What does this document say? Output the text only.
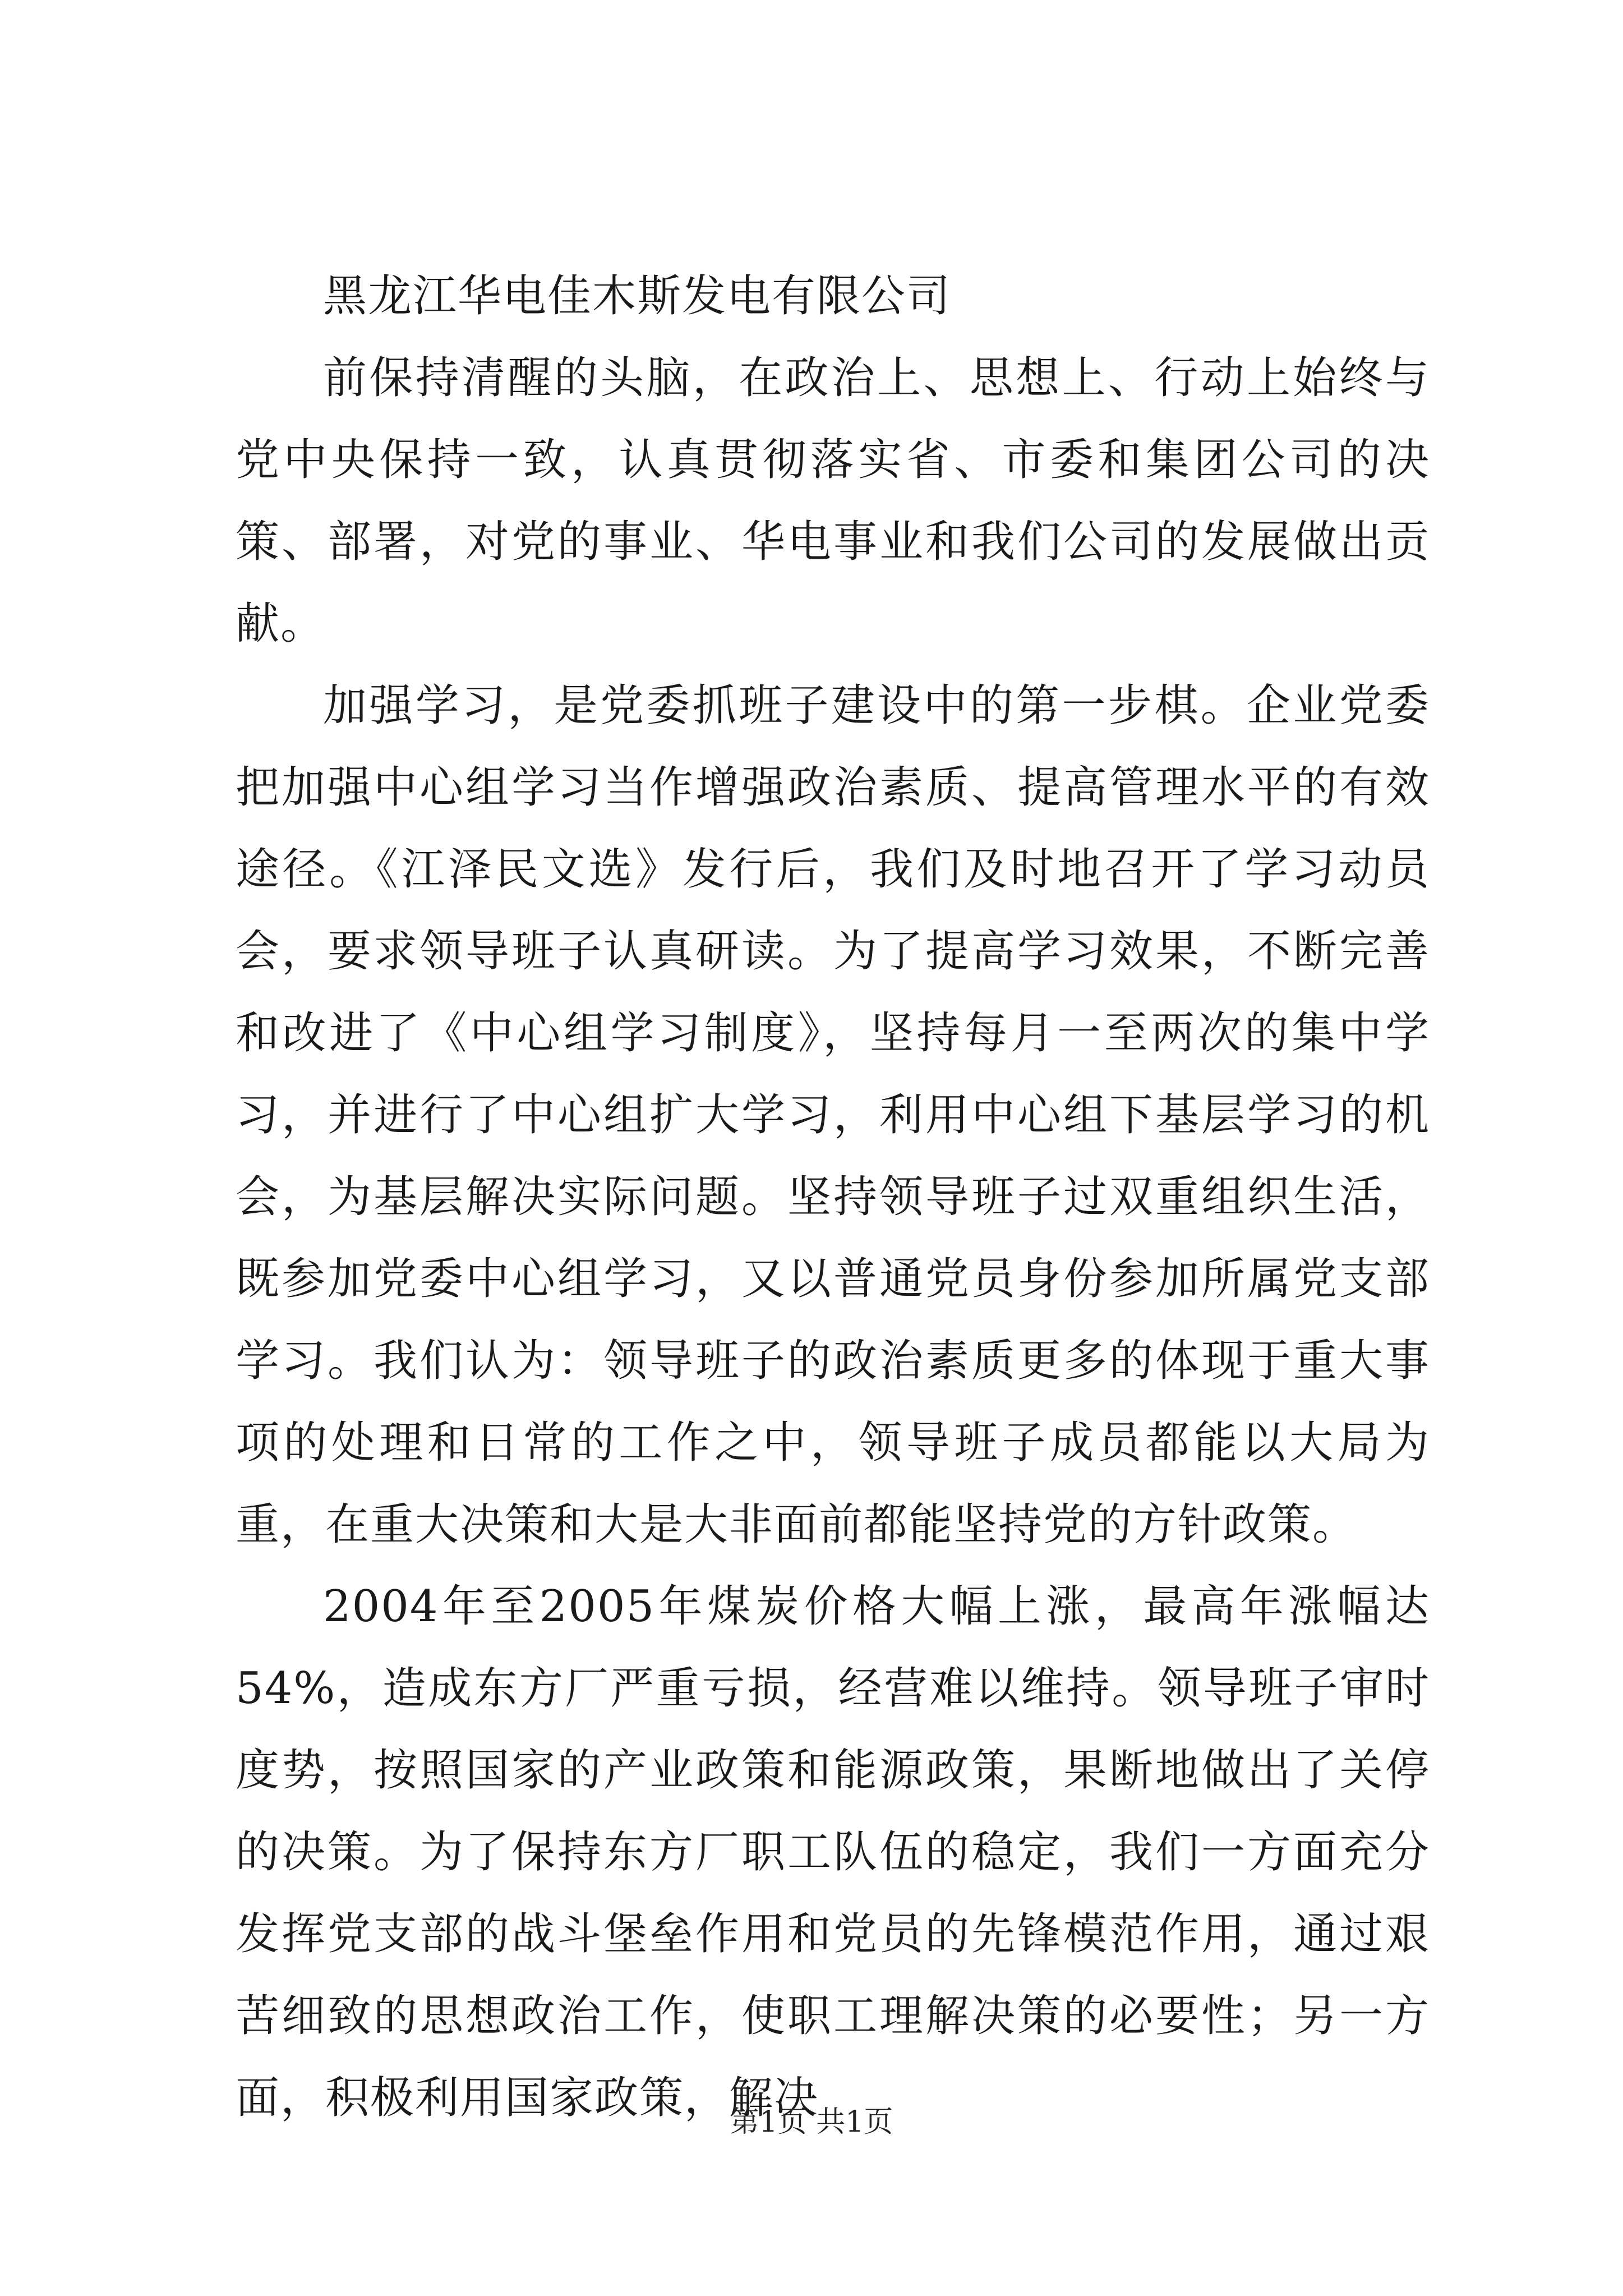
黑龙江华电佳木斯发电有限公司

前保持清醒的头脑，在政治上、思想上、行动上始终与党中央保持一致，认真贯彻落实省、市委和集团公司的决策、部署，对党的事业、华电事业和我们公司的发展做出贡献。

加强学习，是党委抓班子建设中的第一步棋。企业党委把加强中心组学习当作增强政治素质、提高管理水平的有效途径。《江泽民文选》发行后，我们及时地召开了学习动员会，要求领导班子认真研读。为了提高学习效果，不断完善和改进了《中心组学习制度》，坚持每月一至两次的集中学习，并进行了中心组扩大学习，利用中心组下基层学习的机会，为基层解决实际问题。坚持领导班子过双重组织生活，既参加党委中心组学习，又以普通党员身份参加所属党支部学习。我们认为：领导班子的政治素质更多的体现于重大事项的处理和日常的工作之中，领导班子成员都能以大局为重，在重大决策和大是大非面前都能坚持党的方针政策。

2004年至2005年煤炭价格大幅上涨，最高年涨幅达54%，造成东方厂严重亏损，经营难以维持。领导班子审时度势，按照国家的产业政策和能源政策，果断地做出了关停的决策。为了保持东方厂职工队伍的稳定，我们一方面充分发挥党支部的战斗堡垒作用和党员的先锋模范作用，通过艰苦细致的思想政治工作，使职工理解决策的必要性；另一方面，积极利用国家政策，解决

第1页 共1页
